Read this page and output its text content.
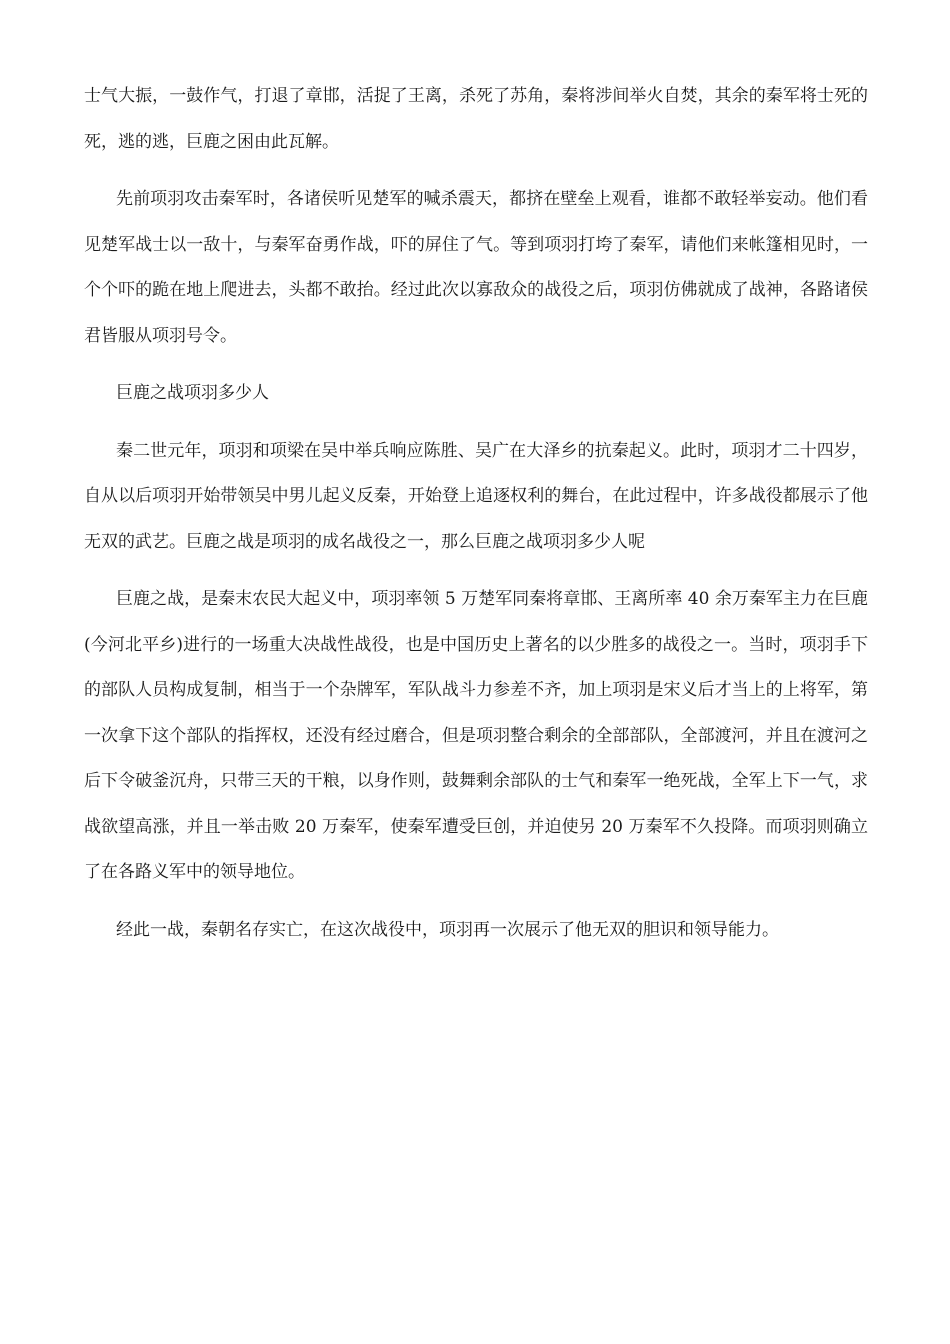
士气大振，一鼓作气，打退了章邯，活捉了王离，杀死了苏角，秦将涉间举火自焚，其余的秦军将士死的死，逃的逃，巨鹿之困由此瓦解。

先前项羽攻击秦军时，各诸侯听见楚军的喊杀震天，都挤在壁垒上观看，谁都不敢轻举妄动。他们看见楚军战士以一敌十，与秦军奋勇作战，吓的屏住了气。等到项羽打垮了秦军，请他们来帐篷相见时，一个个吓的跪在地上爬进去，头都不敢抬。经过此次以寡敌众的战役之后，项羽仿佛就成了战神，各路诸侯君皆服从项羽号令。

巨鹿之战项羽多少人

秦二世元年，项羽和项梁在吴中举兵响应陈胜、吴广在大泽乡的抗秦起义。此时，项羽才二十四岁，自从以后项羽开始带领吴中男儿起义反秦，开始登上追逐权利的舞台，在此过程中，许多战役都展示了他无双的武艺。巨鹿之战是项羽的成名战役之一，那么巨鹿之战项羽多少人呢

巨鹿之战，是秦末农民大起义中，项羽率领 5 万楚军同秦将章邯、王离所率 40 余万秦军主力在巨鹿(今河北平乡)进行的一场重大决战性战役，也是中国历史上著名的以少胜多的战役之一。当时，项羽手下的部队人员构成复制，相当于一个杂牌军，军队战斗力参差不齐，加上项羽是宋义后才当上的上将军，第一次拿下这个部队的指挥权，还没有经过磨合，但是项羽整合剩余的全部部队，全部渡河，并且在渡河之后下令破釜沉舟，只带三天的干粮，以身作则，鼓舞剩余部队的士气和秦军一绝死战，全军上下一气，求战欲望高涨，并且一举击败 20 万秦军，使秦军遭受巨创，并迫使另 20 万秦军不久投降。而项羽则确立了在各路义军中的领导地位。

经此一战，秦朝名存实亡，在这次战役中，项羽再一次展示了他无双的胆识和领导能力。
